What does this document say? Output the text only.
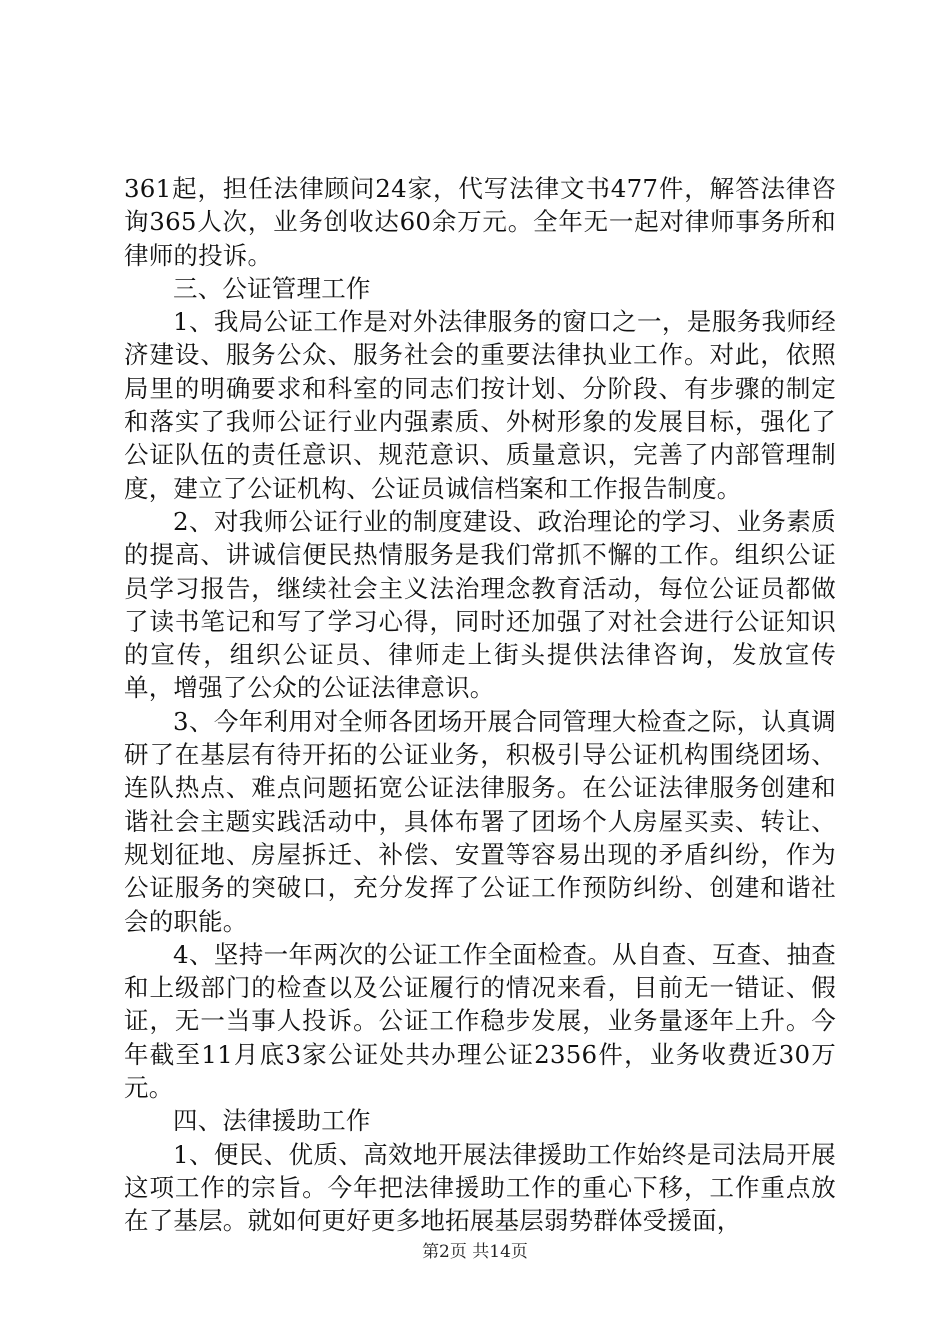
361起，担任法律顾问24家，代写法律文书477件，解答法律咨询365人次，业务创收达60余万元。全年无一起对律师事务所和律师的投诉。

三、公证管理工作

1、我局公证工作是对外法律服务的窗口之一，是服务我师经济建设、服务公众、服务社会的重要法律执业工作。对此，依照局里的明确要求和科室的同志们按计划、分阶段、有步骤的制定和落实了我师公证行业内强素质、外树形象的发展目标，强化了公证队伍的责任意识、规范意识、质量意识，完善了内部管理制度，建立了公证机构、公证员诚信档案和工作报告制度。

2、对我师公证行业的制度建设、政治理论的学习、业务素质的提高、讲诚信便民热情服务是我们常抓不懈的工作。组织公证员学习报告，继续社会主义法治理念教育活动，每位公证员都做了读书笔记和写了学习心得，同时还加强了对社会进行公证知识的宣传，组织公证员、律师走上街头提供法律咨询，发放宣传单，增强了公众的公证法律意识。

3、今年利用对全师各团场开展合同管理大检查之际，认真调研了在基层有待开拓的公证业务，积极引导公证机构围绕团场、连队热点、难点问题拓宽公证法律服务。在公证法律服务创建和谐社会主题实践活动中，具体布署了团场个人房屋买卖、转让、规划征地、房屋拆迁、补偿、安置等容易出现的矛盾纠纷，作为公证服务的突破口，充分发挥了公证工作预防纠纷、创建和谐社会的职能。

4、坚持一年两次的公证工作全面检查。从自查、互查、抽查和上级部门的检查以及公证履行的情况来看，目前无一错证、假证，无一当事人投诉。公证工作稳步发展，业务量逐年上升。今年截至11月底3家公证处共办理公证2356件，业务收费近30万元。

四、法律援助工作

1、便民、优质、高效地开展法律援助工作始终是司法局开展这项工作的宗旨。今年把法律援助工作的重心下移，工作重点放在了基层。就如何更好更多地拓展基层弱势群体受援面，

第2页 共14页
